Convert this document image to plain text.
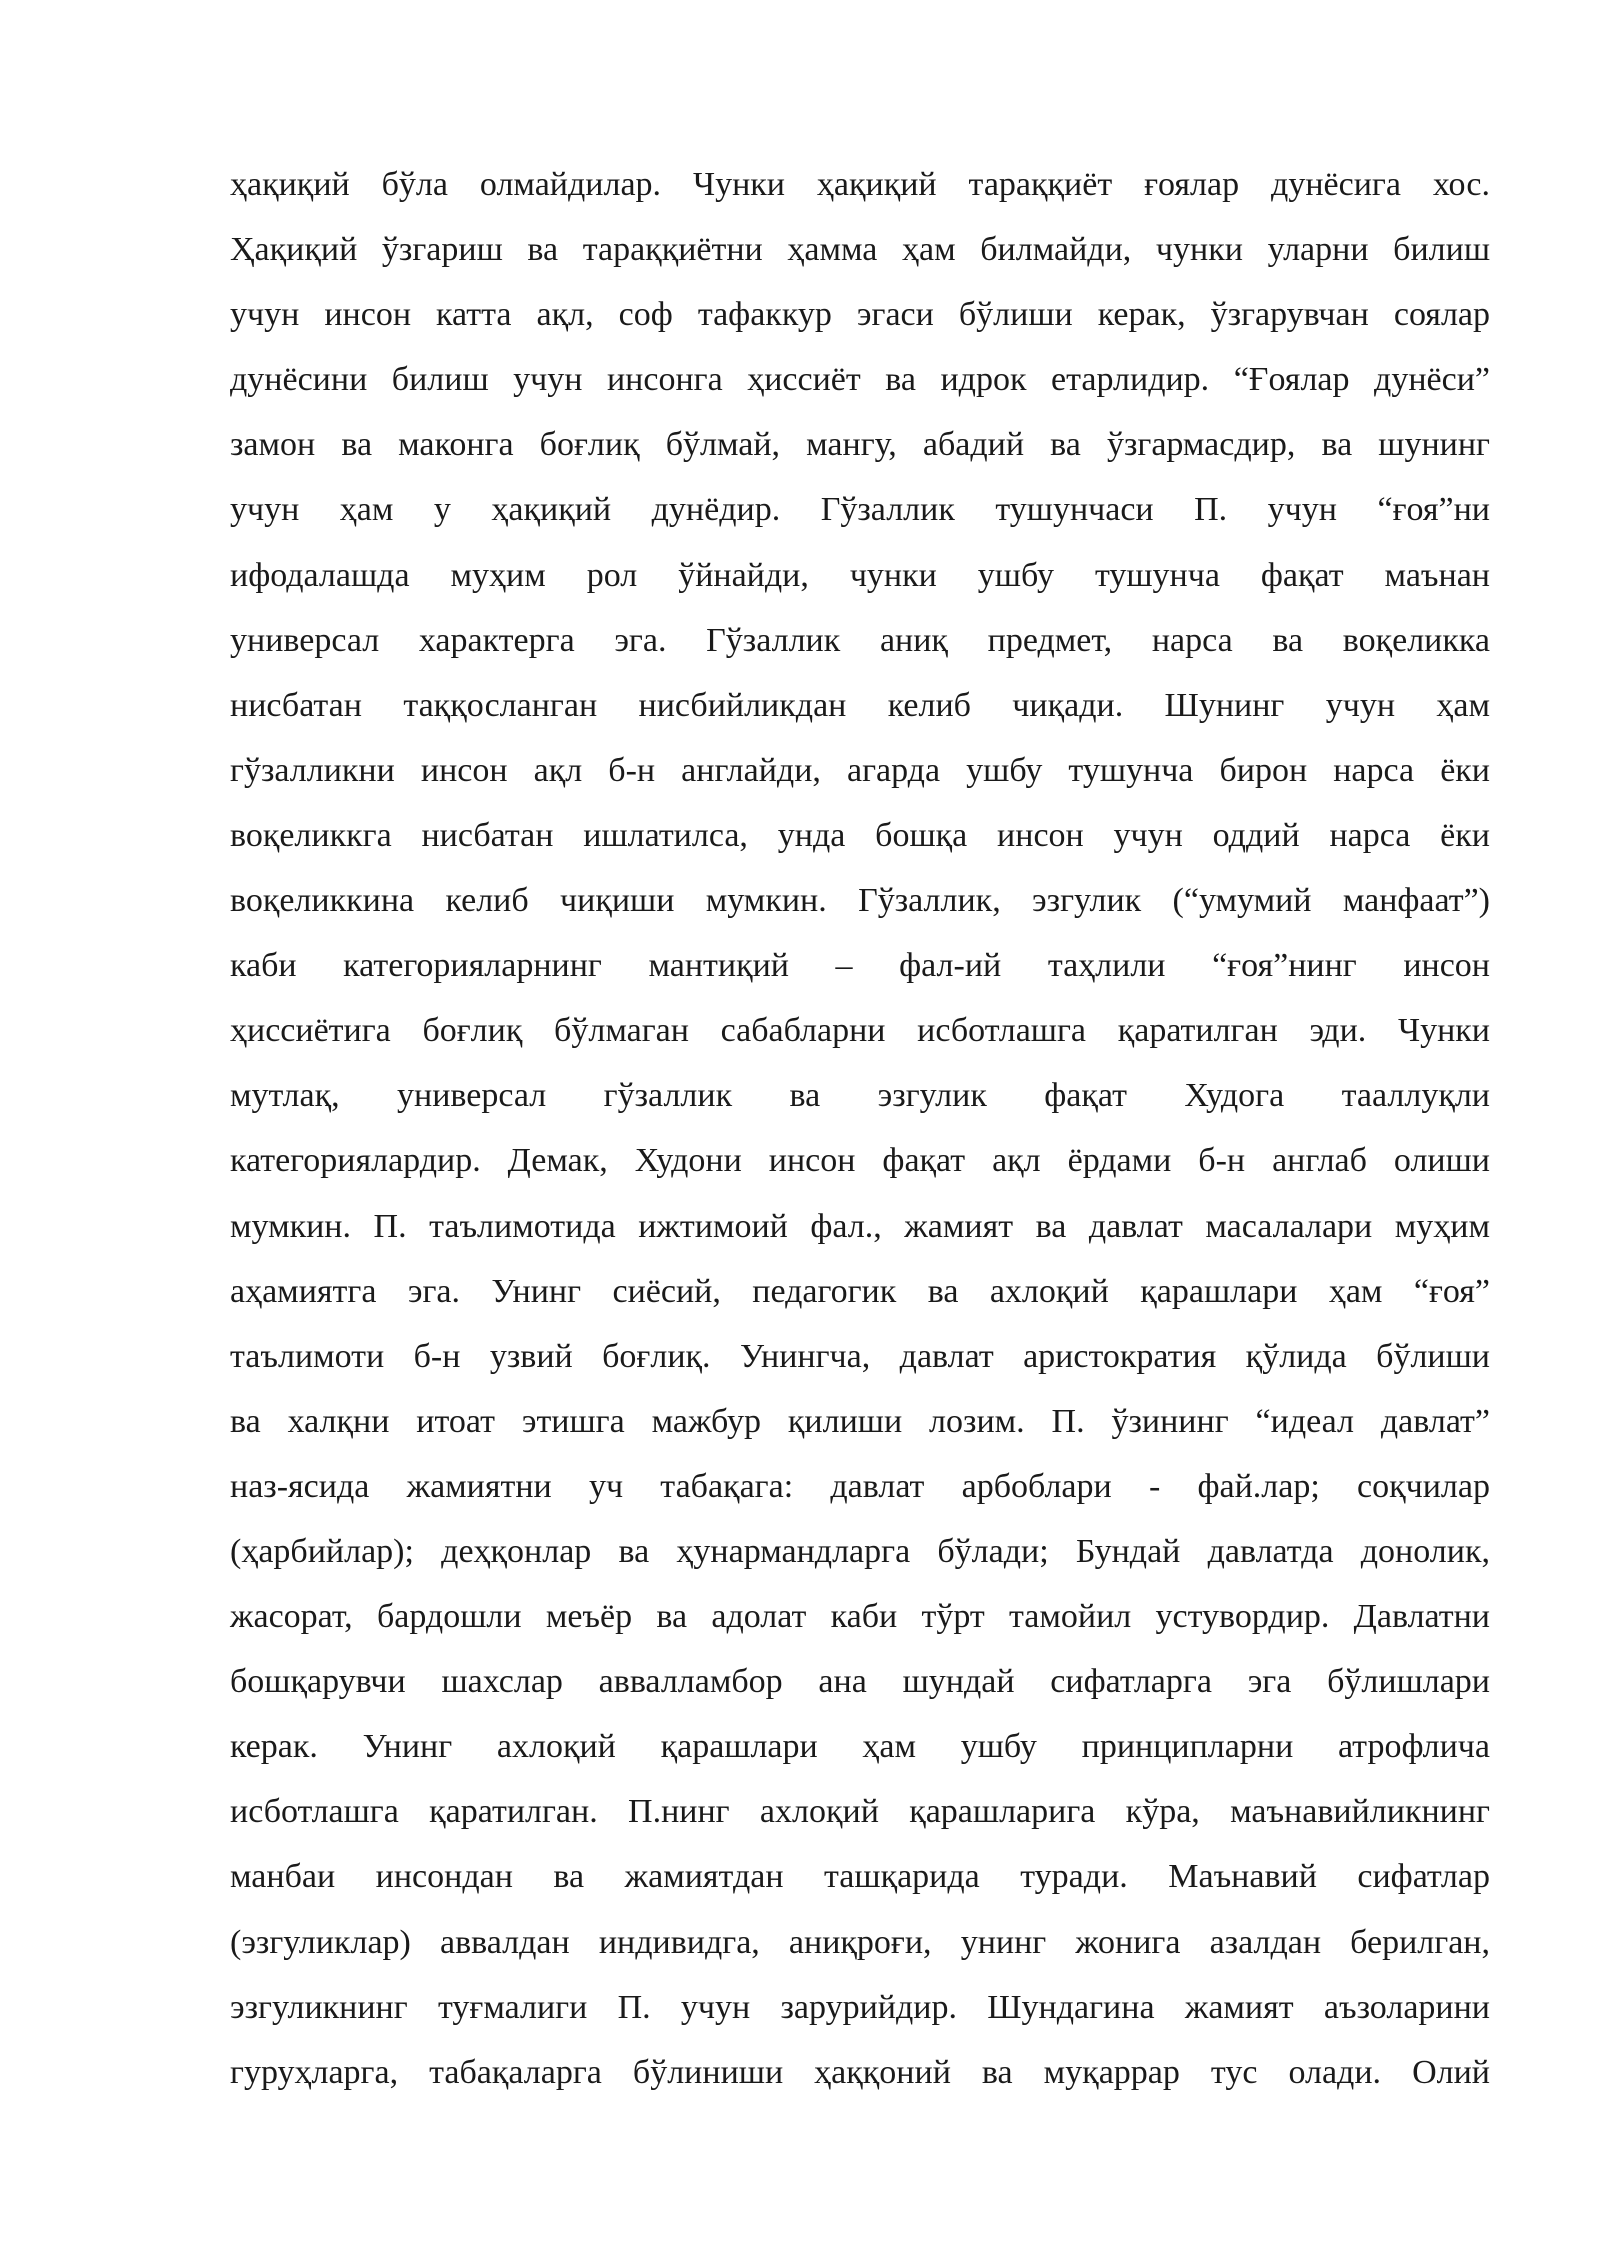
ҳақиқий бўла олмайдилар. Чунки ҳақиқий тараққиёт ғоялар дунёсига хос.
Ҳақиқий ўзгариш ва тараққиётни ҳамма ҳам билмайди, чунки уларни билиш
учун инсон катта ақл, соф тафаккур эгаси бўлиши керак, ўзгарувчан соялар
дунёсини билиш учун инсонга ҳиссиёт ва идрок етарлидир. “Ғоялар дунёси”
замон ва маконга боғлиқ бўлмай, мангу, абадий ва ўзгармасдир, ва шунинг
учун ҳам у ҳақиқий дунёдир. Гўзаллик тушунчаси П. учун “ғоя”ни
ифодалашда муҳим рол ўйнайди, чунки ушбу тушунча фақат маънан
универсал характерга эга. Гўзаллик аниқ предмет, нарса ва воқеликка
нисбатан таққосланган нисбийликдан келиб чиқади. Шунинг учун ҳам
гўзалликни инсон ақл б-н англайди, агарда ушбу тушунча бирон нарса ёки
воқеликкга нисбатан ишлатилса, унда бошқа инсон учун оддий нарса ёки
воқеликкина келиб чиқиши мумкин. Гўзаллик, эзгулик (“умумий манфаат”)
каби категорияларнинг мантиқий – фал-ий таҳлили “ғоя”нинг инсон
ҳиссиётига боғлиқ бўлмаган сабабларни исботлашга қаратилган эди. Чунки
мутлақ, универсал гўзаллик ва эзгулик фақат Худога тааллуқли
категориялардир. Демак, Худони инсон фақат ақл ёрдами б-н англаб олиши
мумкин. П. таълимотида ижтимоий фал., жамият ва давлат масалалари муҳим
аҳамиятга эга. Унинг сиёсий, педагогик ва ахлоқий қарашлари ҳам “ғоя”
таълимоти б-н узвий боғлиқ. Унингча, давлат аристократия қўлида бўлиши
ва халқни итоат этишга мажбур қилиши лозим. П. ўзининг “идеал давлат”
наз-ясида жамиятни уч табақага: давлат арбоблари - фай.лар; соқчилар
(ҳарбийлар); деҳқонлар ва ҳунармандларга бўлади; Бундай давлатда донолик,
жасорат, бардошли меъёр ва адолат каби тўрт тамойил устувордир. Давлатни
бошқарувчи шахслар аввалламбор ана шундай сифатларга эга бўлишлари
керак. Унинг ахлоқий қарашлари ҳам ушбу принципларни атрофлича
исботлашга қаратилган. П.нинг ахлоқий қарашларига кўра, маънавийликнинг
манбаи инсондан ва жамиятдан ташқарида туради. Маънавий сифатлар
(эзгуликлар) аввалдан индивидга, аниқроғи, унинг жонига азалдан берилган,
эзгуликнинг туғмалиги П. учун зарурийдир. Шундагина жамият аъзоларини
гуруҳларга, табақаларга бўлиниши ҳаққоний ва муқаррар тус олади. Олий
